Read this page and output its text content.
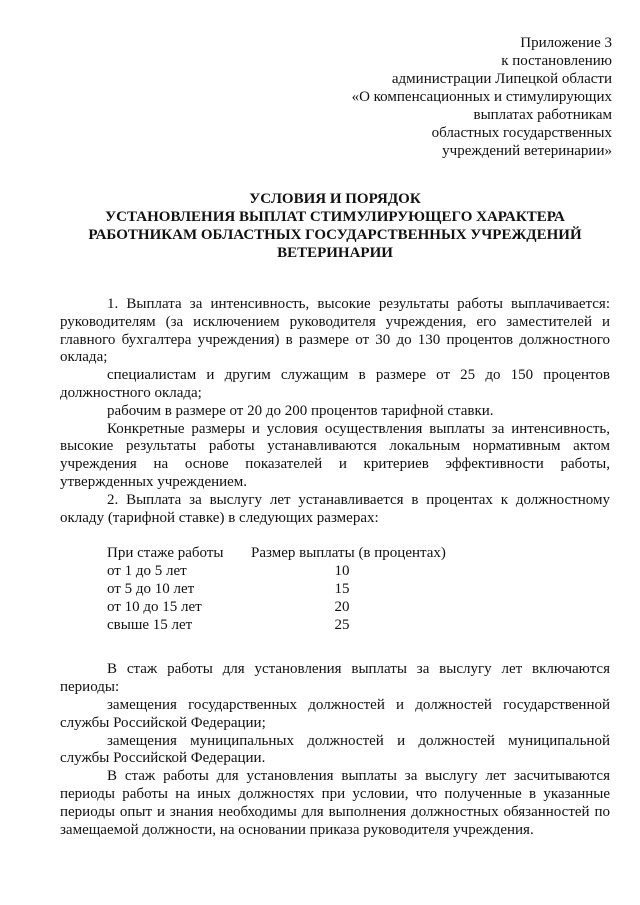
Приложение 3
к постановлению
администрации Липецкой области
«О компенсационных и стимулирующих
выплатах работникам
областных государственных
учреждений ветеринарии»
УСЛОВИЯ И ПОРЯДОК
УСТАНОВЛЕНИЯ ВЫПЛАТ СТИМУЛИРУЮЩЕГО ХАРАКТЕРА
РАБОТНИКАМ ОБЛАСТНЫХ ГОСУДАРСТВЕННЫХ УЧРЕЖДЕНИЙ
ВЕТЕРИНАРИИ

1. Выплата за интенсивность, высокие результаты работы выплачивается: руководителям (за исключением руководителя учреждения, его заместителей и главного бухгалтера учреждения) в размере от 30 до 130 процентов должностного оклада;

специалистам и другим служащим в размере от 25 до 150 процентов должностного оклада;

рабочим в размере от 20 до 200 процентов тарифной ставки.

Конкретные размеры и условия осуществления выплаты за интенсивность, высокие результаты работы устанавливаются локальным нормативным актом учреждения на основе показателей и критериев эффективности работы, утвержденных учреждением.

2. Выплата за выслугу лет устанавливается в процентах к должностному окладу (тарифной ставке) в следующих размерах:

При стаже работы Размер выплаты (в процентах)
от 1 до 5 лет	10
от 5 до 10 лет	15
от 10 до 15 лет	20
свыше 15 лет	25

В стаж работы для установления выплаты за выслугу лет включаются периоды:

замещения государственных должностей и должностей государственной службы Российской Федерации;

замещения муниципальных должностей и должностей муниципальной службы Российской Федерации.

В стаж работы для установления выплаты за выслугу лет засчитываются периоды работы на иных должностях при условии, что полученные в указанные периоды опыт и знания необходимы для выполнения должностных обязанностей по замещаемой должности, на основании приказа руководителя учреждения.
